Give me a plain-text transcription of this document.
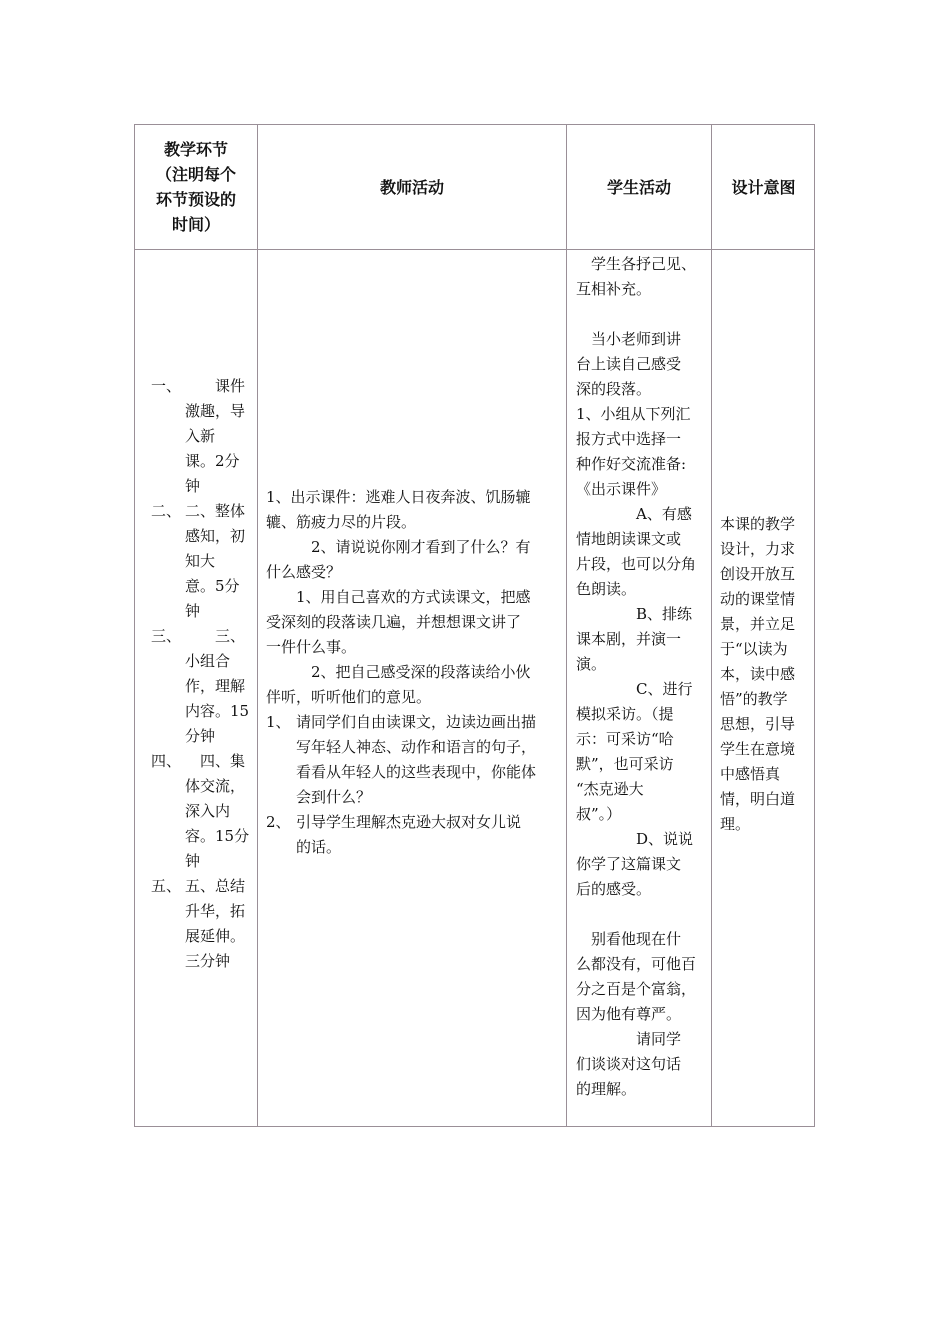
教学环节
（注明每个
环节预设的
时间）
教师活动	学生活动	设计意图
一、 　　课件
激趣，导
入新
课。2分
钟
二、 二、整体
感知，初
知大
意。5分
钟
三、 　　三、
小组合
作，理解
内容。15
分钟
四、 　四、集
体交流，
深入内
容。15分
钟
五、 五、总结
升华，拓
展延伸。
三分钟
1、出示课件：逃难人日夜奔波、饥肠辘
辘、筋疲力尽的片段。
　　　2、请说说你刚才看到了什么？有
什么感受？
　　1、用自己喜欢的方式读课文，把感
受深刻的段落读几遍，并想想课文讲了
一件什么事。
　　　2、把自己感受深的段落读给小伙
伴听，听听他们的意见。
1、 请同学们自由读课文，边读边画出描
写年轻人神态、动作和语言的句子，
看看从年轻人的这些表现中，你能体
会到什么？
2、 引导学生理解杰克逊大叔对女儿说
的话。
　学生各抒己见、
互相补充。
　当小老师到讲
台上读自己感受
深的段落。
1、小组从下列汇
报方式中选择一
种作好交流准备:
《出示课件》
　　　　A、有感
情地朗读课文或
片段，也可以分角
色朗读。
　　　　B、排练
课本剧，并演一
演。
　　　　C、进行
模拟采访。（提
示：可采访“哈
默”，也可采访
“杰克逊大
叔”。）
　　　　D、说说
你学了这篇课文
后的感受。
　别看他现在什
么都没有，可他百
分之百是个富翁，
因为他有尊严。
　　　　请同学
们谈谈对这句话
的理解。
本课的教学
设计，力求
创设开放互
动的课堂情
景，并立足
于“以读为
本，读中感
悟”的教学
思想，引导
学生在意境
中感悟真
情，明白道
理。
